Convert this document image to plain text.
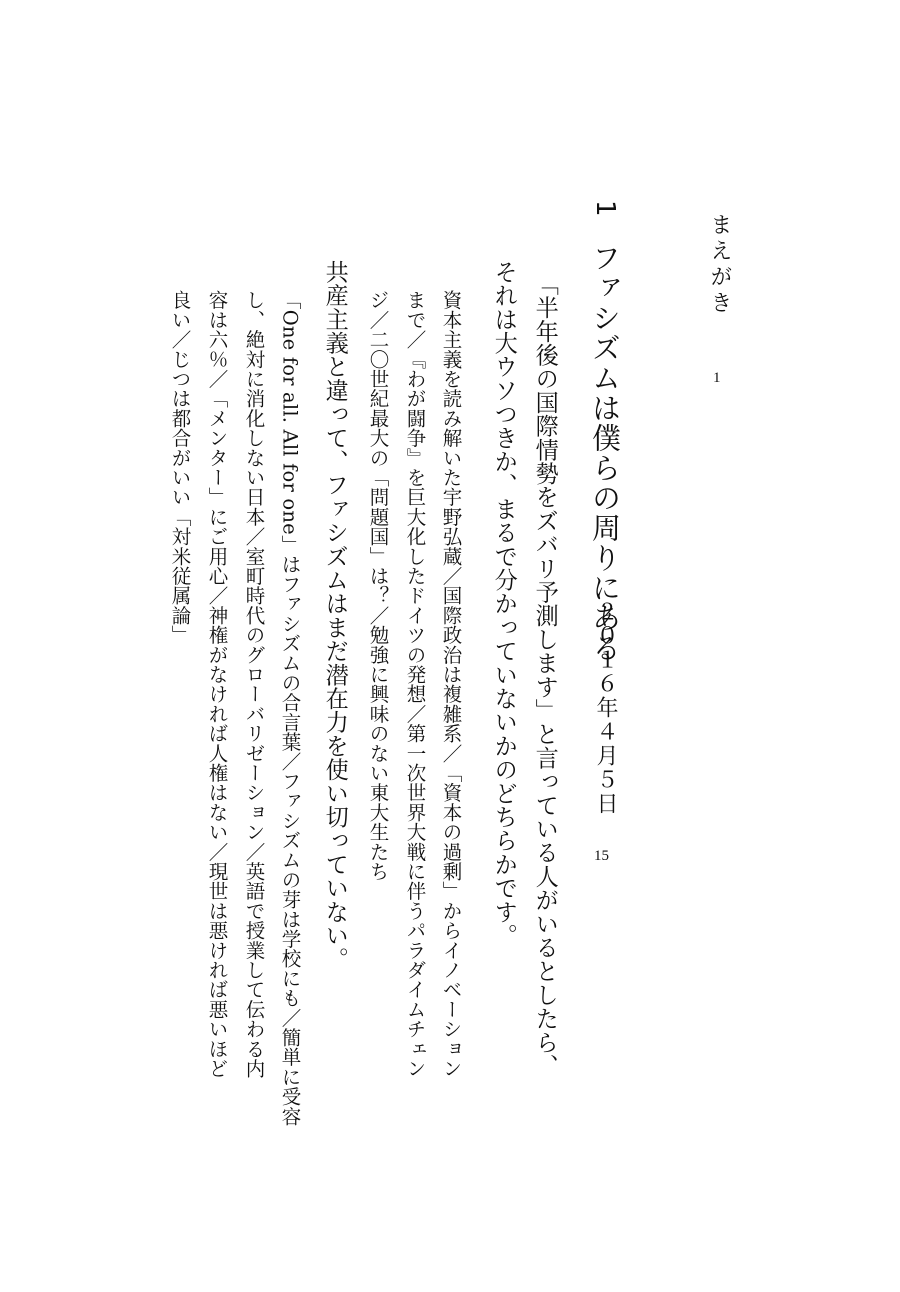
まえがき
1
1
ファシズムは僕らの周りにある
２０１６年４月５日
15
「半年後の国際情勢をズバリ予測します」と言っている人がいるとしたら、
それは大ウソつきか、まるで分かっていないかのどちらかです。
資本主義を読み解いた宇野弘蔵／国際政治は複雑系／「資本の過剰」からイノベーション
まで／『わが闘争』を巨大化したドイツの発想／第一次世界大戦に伴うパラダイムチェン
ジ／二〇世紀最大の「問題国」は？／勉強に興味のない東大生たち
共産主義と違って、ファシズムはまだ潜在力を使い切っていない。
「One for all. All for one」はファシズムの合言葉／ファシズムの芽は学校にも／簡単に受容
し、絶対に消化しない日本／室町時代のグローバリゼーション／英語で授業して伝わる内
容は六％／「メンター」にご用心／神権がなければ人権はない／現世は悪ければ悪いほど
良い／じつは都合がいい「対米従属論」
